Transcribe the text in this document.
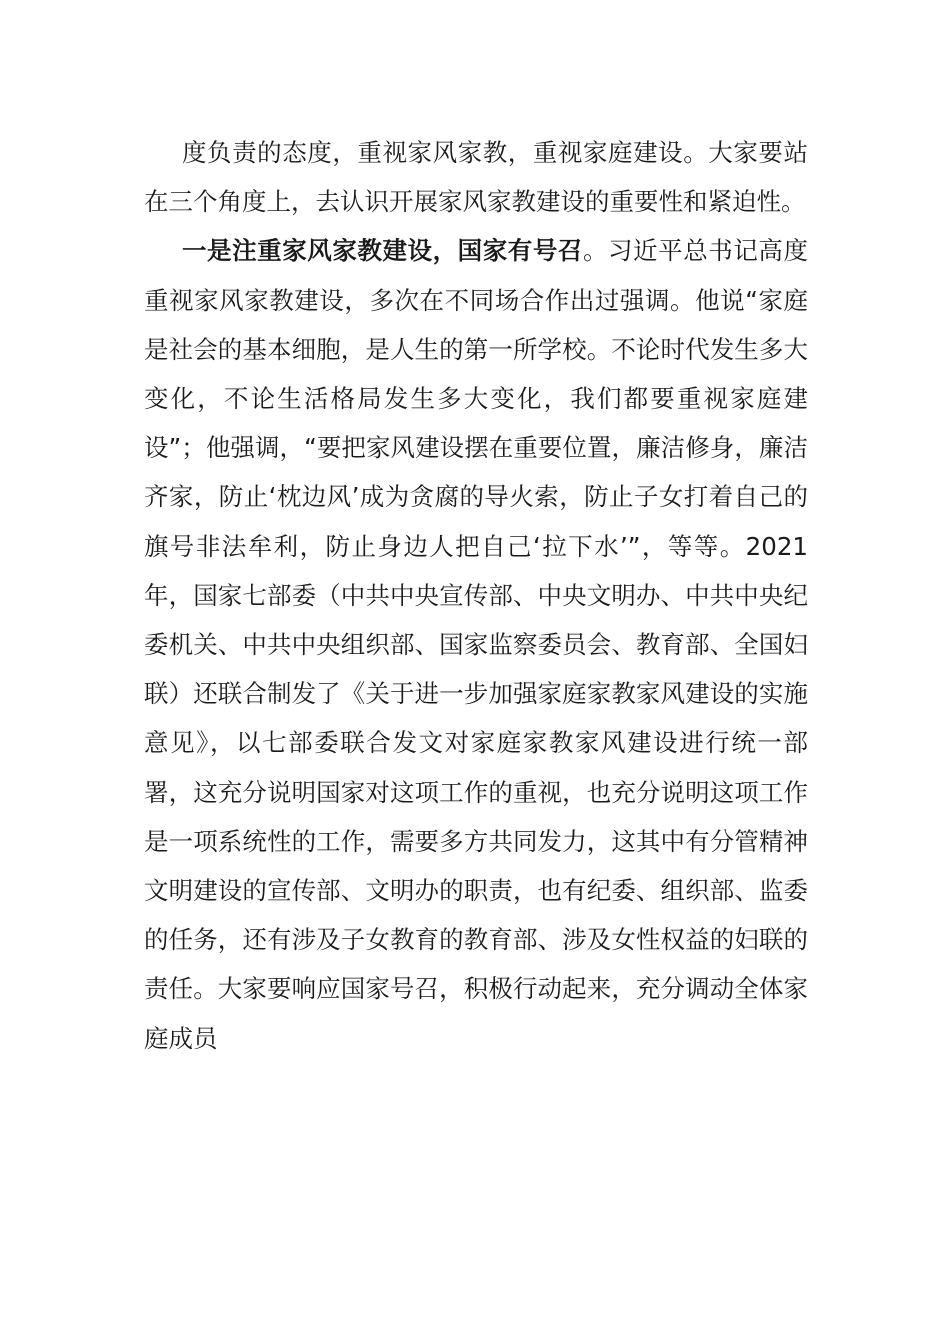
度负责的态度，重视家风家教，重视家庭建设。大家要站在三个角度上，去认识开展家风家教建设的重要性和紧迫性。

一是注重家风家教建设，国家有号召。习近平总书记高度重视家风家教建设，多次在不同场合作出过强调。他说“家庭是社会的基本细胞，是人生的第一所学校。不论时代发生多大变化，不论生活格局发生多大变化，我们都要重视家庭建设”；他强调，“要把家风建设摆在重要位置，廉洁修身，廉洁齐家，防止‘枕边风’成为贪腐的导火索，防止子女打着自己的旗号非法牟利，防止身边人把自己‘拉下水’”，等等。2021年，国家七部委（中共中央宣传部、中央文明办、中共中央纪委机关、中共中央组织部、国家监察委员会、教育部、全国妇联）还联合制发了《关于进一步加强家庭家教家风建设的实施意见》，以七部委联合发文对家庭家教家风建设进行统一部署，这充分说明国家对这项工作的重视，也充分说明这项工作是一项系统性的工作，需要多方共同发力，这其中有分管精神文明建设的宣传部、文明办的职责，也有纪委、组织部、监委的任务，还有涉及子女教育的教育部、涉及女性权益的妇联的责任。大家要响应国家号召，积极行动起来，充分调动全体家庭成员
